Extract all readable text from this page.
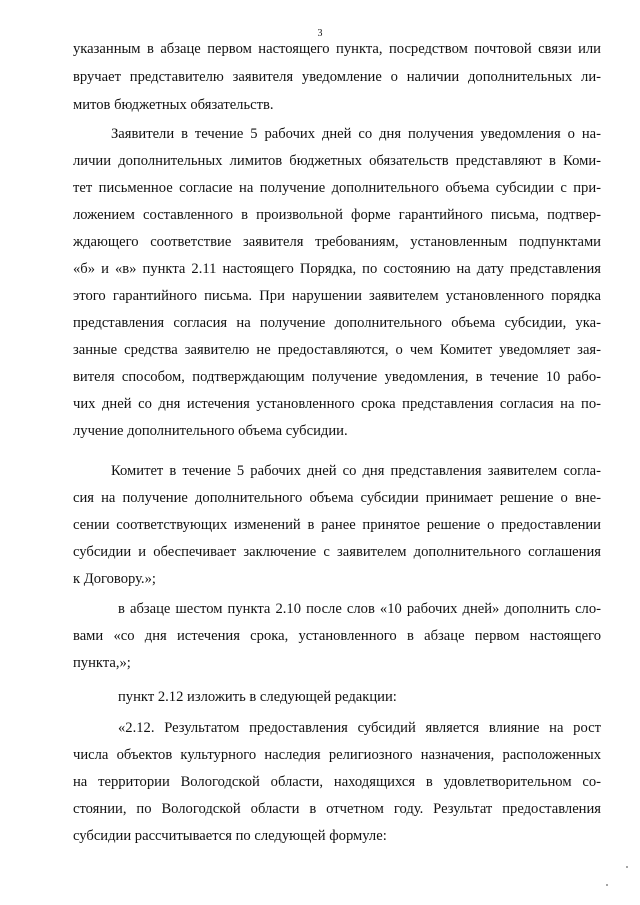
3
указанным в абзаце первом настоящего пункта, посредством почтовой связи или
вручает представителю заявителя уведомление о наличии дополнительных ли-
митов бюджетных обязательств.
Заявители в течение 5 рабочих дней со дня получения уведомления о на-
личии дополнительных лимитов бюджетных обязательств представляют в Коми-
тет письменное согласие на получение дополнительного объема субсидии с при-
ложением составленного в произвольной форме гарантийного письма, подтвер-
ждающего соответствие заявителя требованиям, установленным подпунктами
«б» и «в» пункта 2.11 настоящего Порядка, по состоянию на дату представления
этого гарантийного письма. При нарушении заявителем установленного порядка
представления согласия на получение дополнительного объема субсидии, ука-
занные средства заявителю не предоставляются, о чем Комитет уведомляет зая-
вителя способом, подтверждающим получение уведомления, в течение 10 рабо-
чих дней со дня истечения установленного срока представления согласия на по-
лучение дополнительного объема субсидии.
Комитет в течение 5 рабочих дней со дня представления заявителем согла-
сия на получение дополнительного объема субсидии принимает решение о вне-
сении соответствующих изменений в ранее принятое решение о предоставлении
субсидии и обеспечивает заключение с заявителем дополнительного соглашения
к Договору.»;
в абзаце шестом пункта 2.10 после слов «10 рабочих дней» дополнить сло-
вами «со дня истечения срока, установленного в абзаце первом настоящего
пункта,»;
пункт 2.12 изложить в следующей редакции:
«2.12. Результатом предоставления субсидий является влияние на рост
числа объектов культурного наследия религиозного назначения, расположенных
на территории Вологодской области, находящихся в удовлетворительном со-
стоянии, по Вологодской области в отчетном году. Результат предоставления
субсидии рассчитывается по следующей формуле:
